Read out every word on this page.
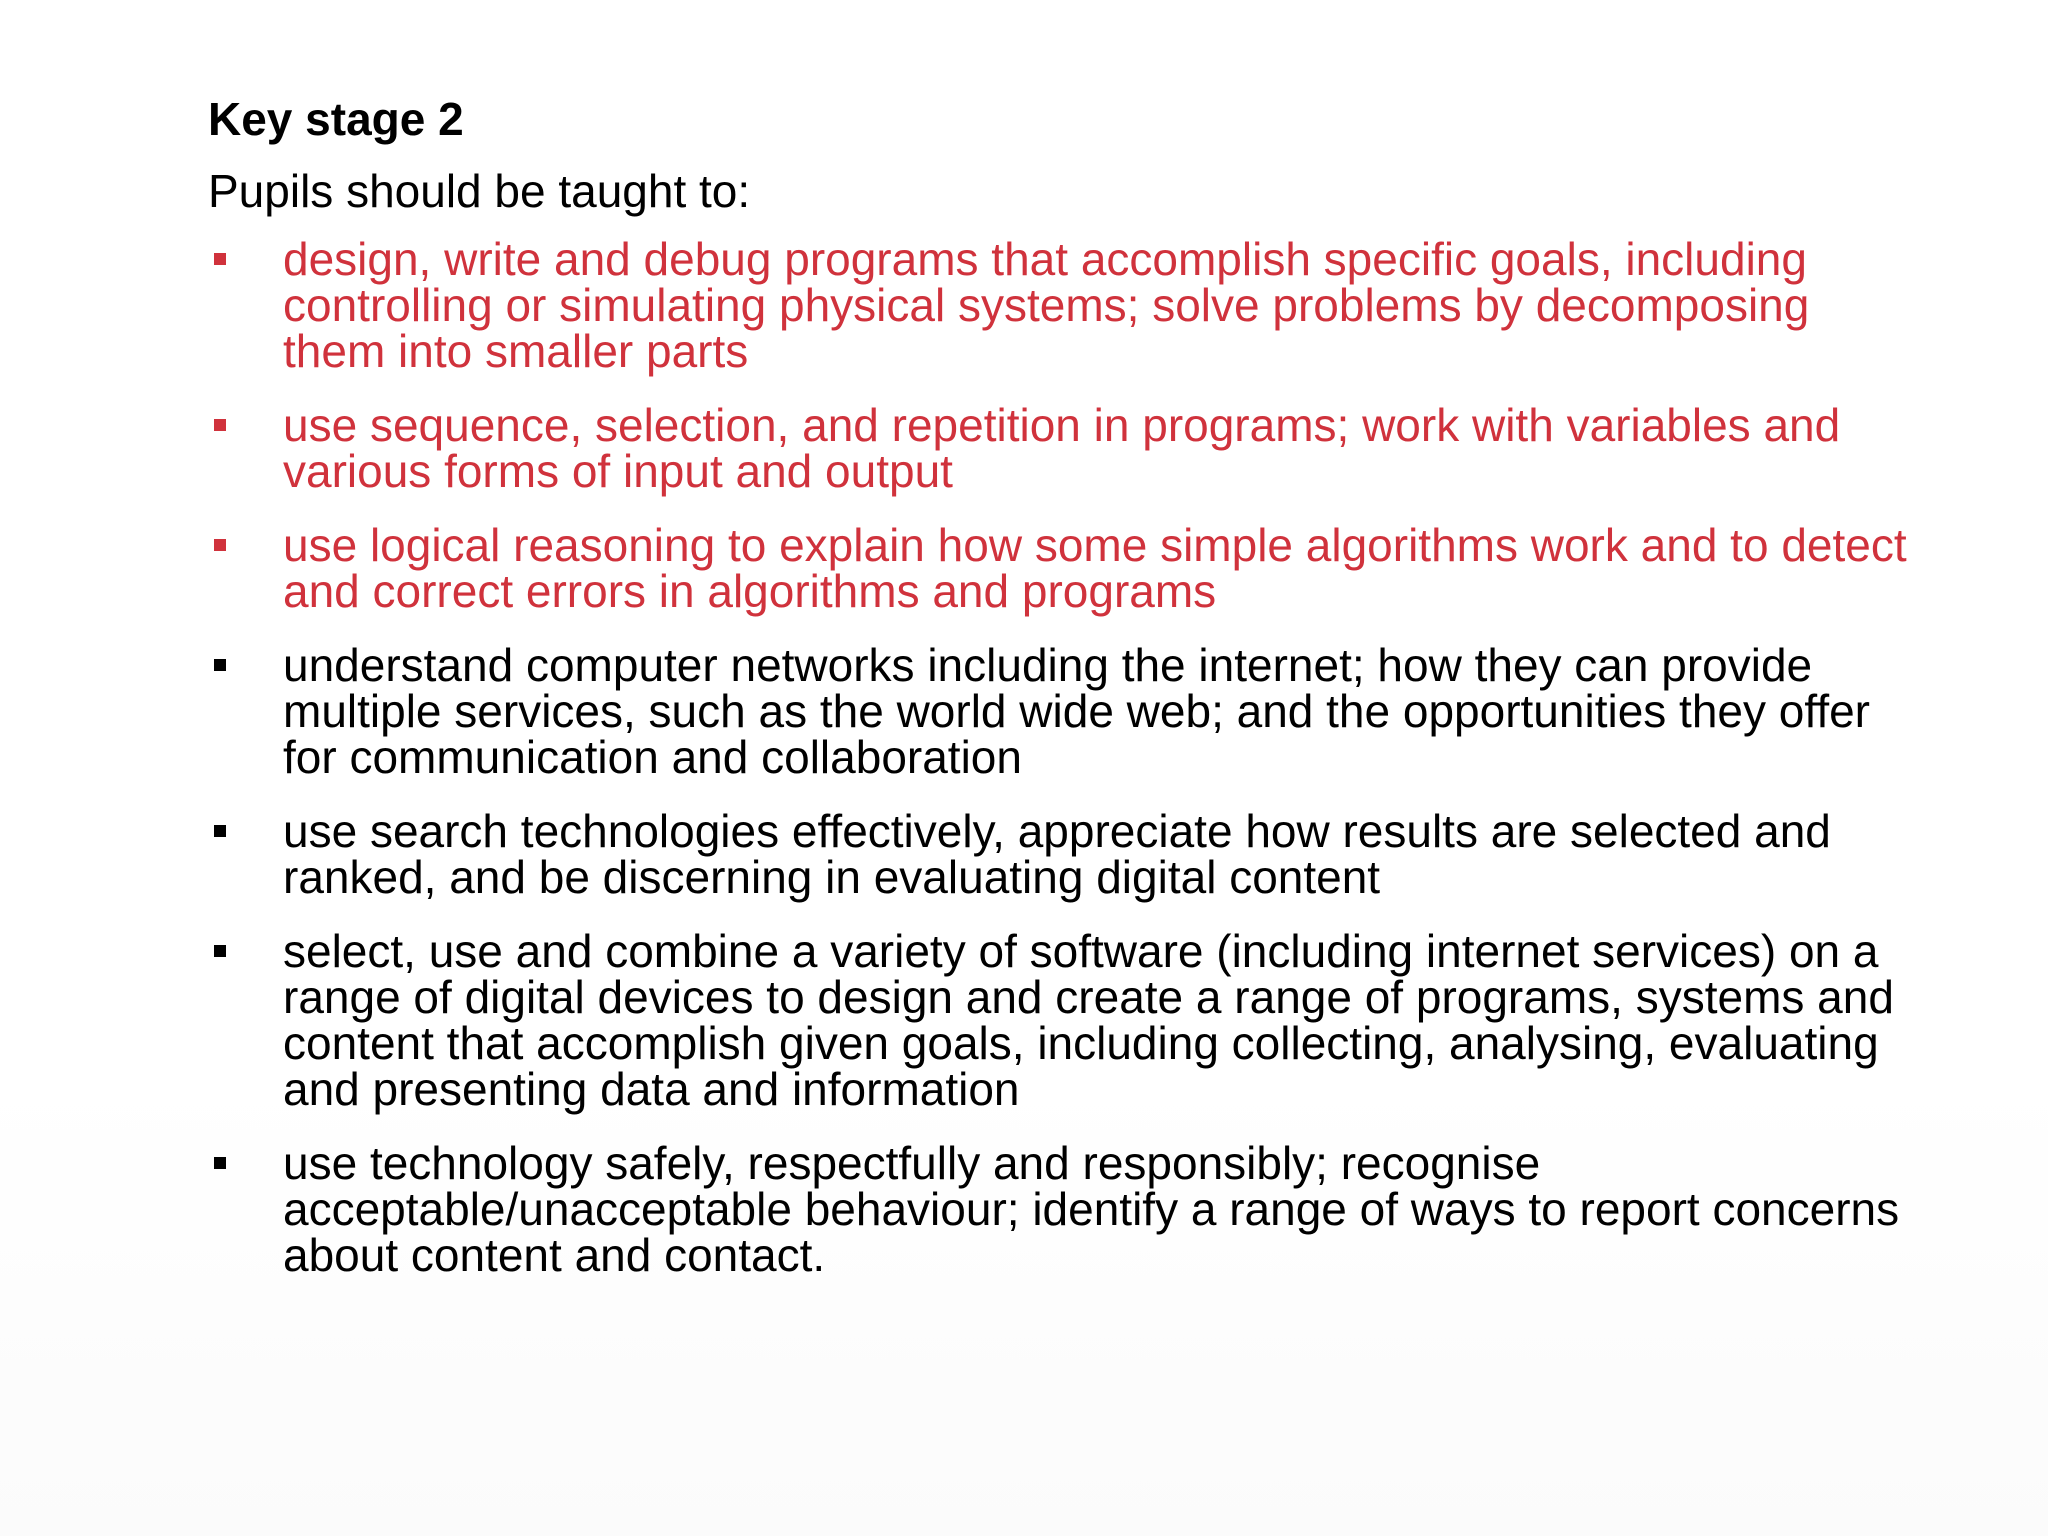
Key stage 2
Pupils should be taught to:
design, write and debug programs that accomplish specific goals, including controlling or simulating physical systems; solve problems by decomposing them into smaller parts
use sequence, selection, and repetition in programs; work with variables and various forms of input and output
use logical reasoning to explain how some simple algorithms work and to detect and correct errors in algorithms and programs
understand computer networks including the internet; how they can provide multiple services, such as the world wide web; and the opportunities they offer for communication and collaboration
use search technologies effectively, appreciate how results are selected and ranked, and be discerning in evaluating digital content
select, use and combine a variety of software (including internet services) on a range of digital devices to design and create a range of programs, systems and content that accomplish given goals, including collecting, analysing, evaluating and presenting data and information
use technology safely, respectfully and responsibly; recognise acceptable/unacceptable behaviour; identify a range of ways to report concerns about content and contact.
